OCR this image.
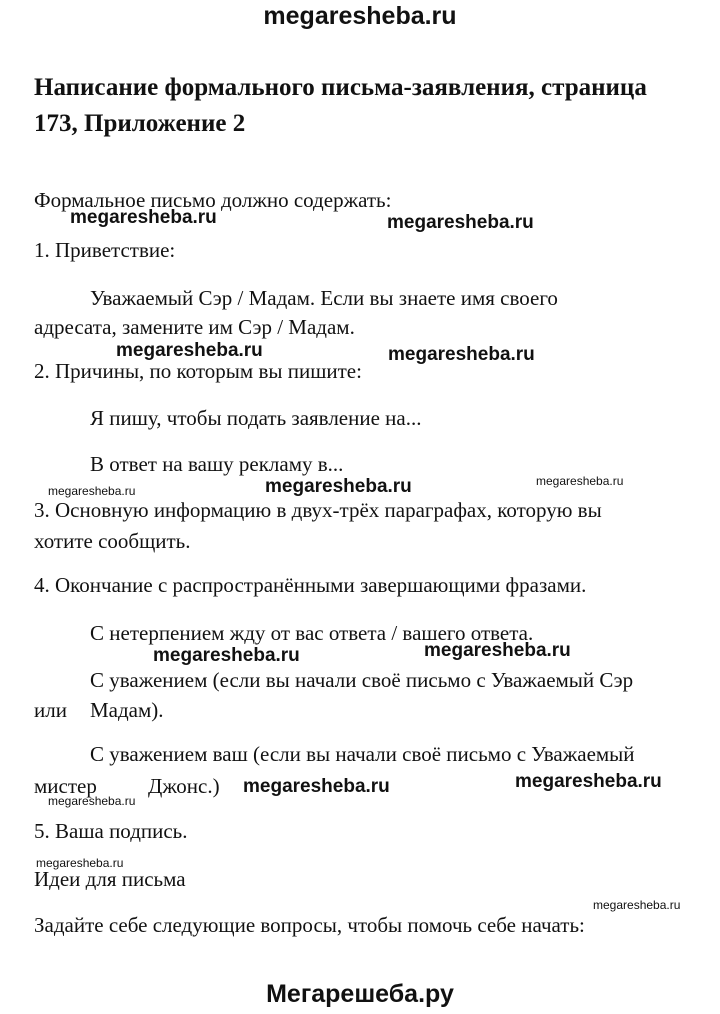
megaresheba.ru
Написание формального письма-заявления, страница
173, Приложение 2

Формальное письмо должно содержать:

1. Приветствие:

Уважаемый Сэр / Мадам. Если вы знаете имя своего

адресата, замените им Сэр / Мадам.

2. Причины, по которым вы пишите:

Я пишу, чтобы подать заявление на...

В ответ на вашу рекламу в...

3. Основную информацию в двух-трёх параграфах, которую вы

хотите сообщить.

4. Окончание с распространёнными завершающими фразами.

С нетерпением жду от вас ответа / вашего ответа.

С уважением (если вы начали своё письмо с Уважаемый Сэр

или Мадам).

С уважением ваш (если вы начали своё письмо с Уважаемый

мистер Джонс.)

5. Ваша подпись.

Идеи для письма

Задайте себе следующие вопросы, чтобы помочь себе начать:

megaresheba.ru	megaresheba.ru
megaresheba.ru	megaresheba.ru
megaresheba.ru	megaresheba.ru	megaresheba.ru
megaresheba.ru	megaresheba.ru
megaresheba.ru	megaresheba.ru
megaresheba.ru
megaresheba.ru
megaresheba.ru
Мегарешеба.ру
